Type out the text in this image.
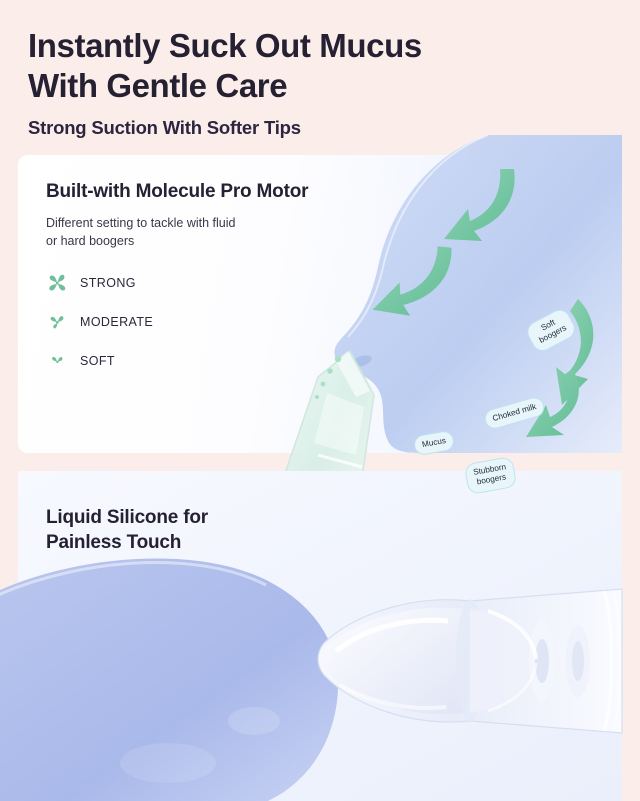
Instantly Suck Out Mucus
With Gentle Care
Strong Suction With Softer Tips
Soft
boogers
Choked milk
Mucus
Stubborn
boogers
Built-with Molecule Pro Motor
Different setting to tackle with fluid
or hard boogers
STRONG
MODERATE
SOFT
Liquid Silicone for
Painless Touch
